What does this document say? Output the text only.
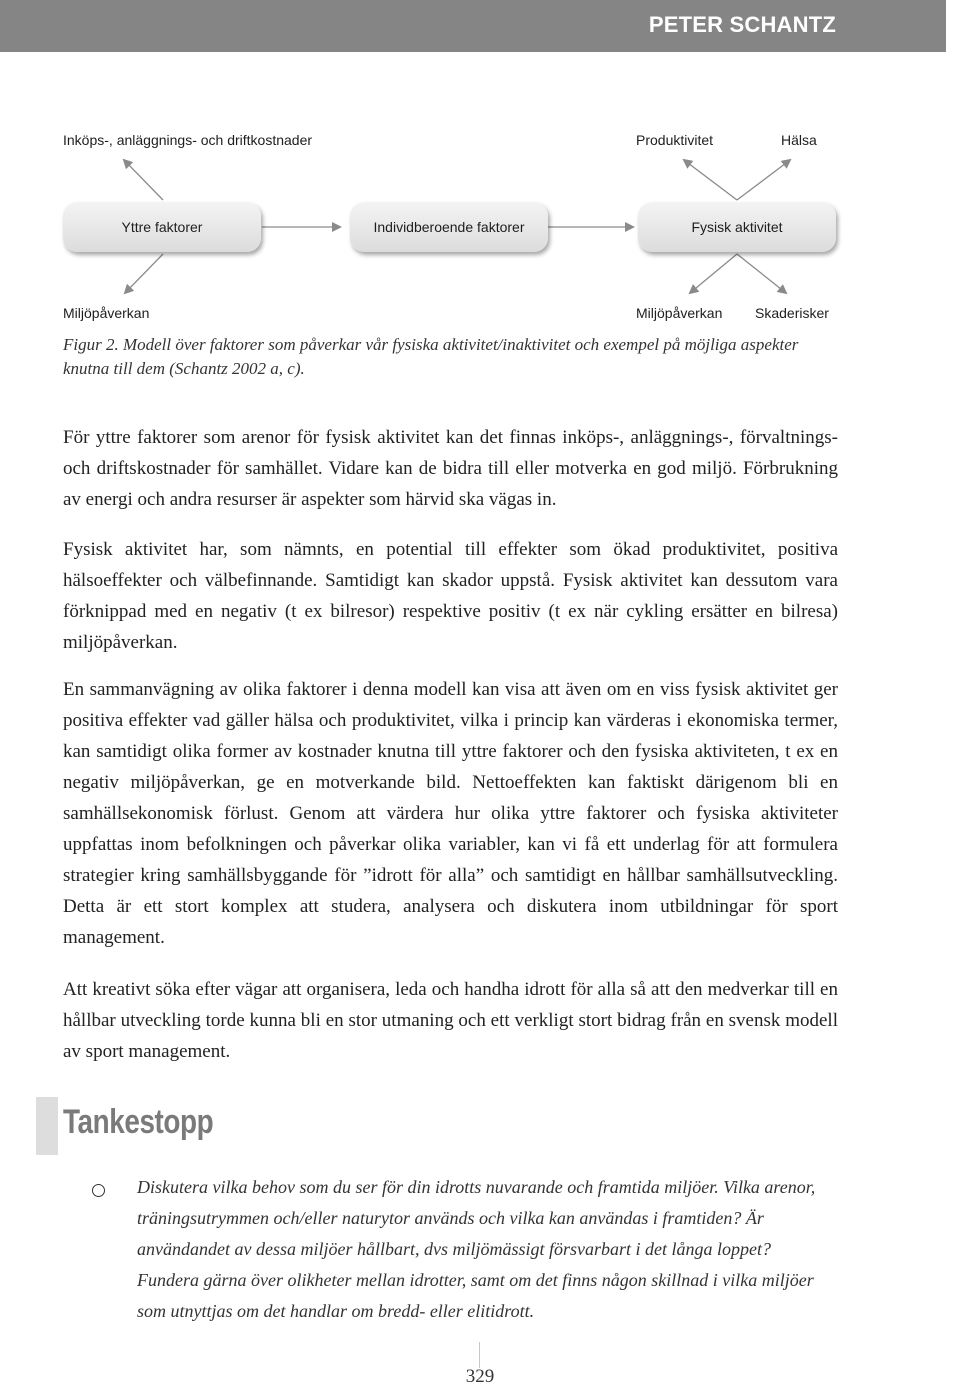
PETER SCHANTZ
Inköps-, anläggnings- och driftkostnader	Produktivitet	Hälsa
Yttre faktorer	Individberoende faktorer	Fysisk aktivitet
Miljöpåverkan	Miljöpåverkan Skaderisker
Figur 2. Modell över faktorer som påverkar vår fysiska aktivitet/inaktivitet och exempel på möjliga aspekter knutna till dem (Schantz 2002 a, c).

För yttre faktorer som arenor för fysisk aktivitet kan det finnas inköps-, anläggnings-, förvaltnings- och driftskostnader för samhället. Vidare kan de bidra till eller motverka en god miljö. Förbrukning av energi och andra resurser är aspekter som härvid ska vägas in.

Fysisk aktivitet har, som nämnts, en potential till effekter som ökad produktivitet, positiva hälsoeffekter och välbefinnande. Samtidigt kan skador uppstå. Fysisk aktivitet kan dessutom vara förknippad med en negativ (t ex bilresor) respektive positiv (t ex när cykling ersätter en bilresa) miljöpåverkan.

En sammanvägning av olika faktorer i denna modell kan visa att även om en viss fysisk aktivitet ger positiva effekter vad gäller hälsa och produktivitet, vilka i princip kan värderas i ekonomiska termer, kan samtidigt olika former av kostnader knutna till yttre faktorer och den fysiska aktiviteten, t ex en negativ miljöpåverkan, ge en motverkande bild. Nettoeffekten kan faktiskt därigenom bli en samhällsekonomisk förlust. Genom att värdera hur olika yttre faktorer och fysiska aktiviteter uppfattas inom befolkningen och påverkar olika variabler, kan vi få ett underlag för att formulera strategier kring samhällsbyggande för ”idrott för alla” och samtidigt en hållbar samhällsutveckling. Detta är ett stort komplex att studera, analysera och diskutera inom utbildningar för sport management.

Att kreativt söka efter vägar att organisera, leda och handha idrott för alla så att den medverkar till en hållbar utveckling torde kunna bli en stor utmaning och ett verkligt stort bidrag från en svensk modell av sport management.

Tankestopp

Diskutera vilka behov som du ser för din idrotts nuvarande och framtida miljöer. Vilka arenor, träningsutrymmen och/eller naturytor används och vilka kan användas i framtiden? Är användandet av dessa miljöer hållbart, dvs miljömässigt försvarbart i det långa loppet? Fundera gärna över olikheter mellan idrotter, samt om det finns någon skillnad i vilka miljöer som utnyttjas om det handlar om bredd- eller elitidrott.

329
